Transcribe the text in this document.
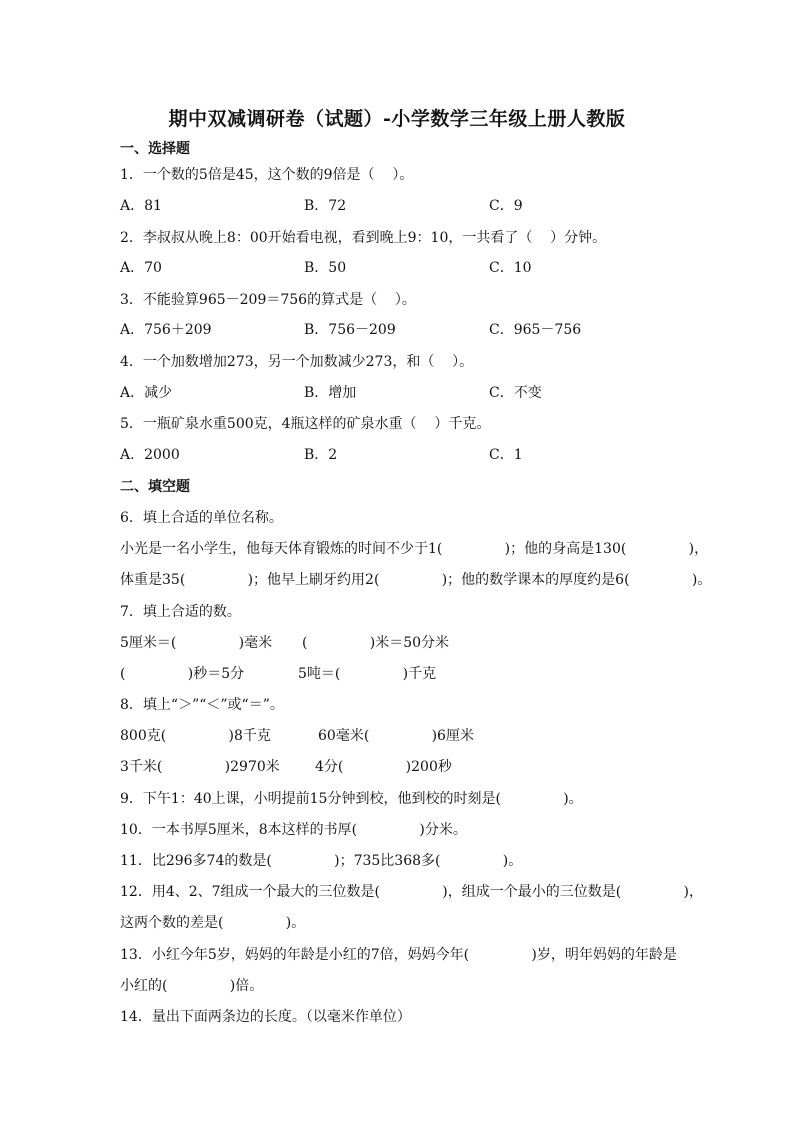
期中双减调研卷（试题）-小学数学三年级上册人教版
一、选择题
1．一个数的5倍是45，这个数的9倍是（    ）。
A．81	B．72	C．9
2．李叔叔从晚上8：00开始看电视，看到晚上9：10，一共看了（    ）分钟。
A．70	B．50	C．10
3．不能验算965－209＝756的算式是（    ）。
A．756＋209	B．756－209	C．965－756
4．一个加数增加273，另一个加数减少273，和（    ）。
A．减少	B．增加	C．不变
5．一瓶矿泉水重500克，4瓶这样的矿泉水重（    ）千克。
A．2000	B．2	C．1
二、填空题
6．填上合适的单位名称。
小光是一名小学生，他每天体育锻炼的时间不少于1(              )；他的身高是130(              )，
体重是35(              )；他早上刷牙约用2(              )；他的数学课本的厚度约是6(              )。
7．填上合适的数。
5厘米＝(              )毫米 (              )米＝50分米
(              )秒＝5分	5吨＝(              )千克
8．填上“＞”“＜”或“＝”。
800克(              )8千克	60毫米(              )6厘米
3千米(              )2970米	4分(              )200秒
9．下午1：40上课，小明提前15分钟到校，他到校的时刻是(              )。
10．一本书厚5厘米，8本这样的书厚(              )分米。
11．比296多74的数是(              )；735比368多(              )。
12．用4、2、7组成一个最大的三位数是(              )，组成一个最小的三位数是(              )，
这两个数的差是(              )。
13．小红今年5岁，妈妈的年龄是小红的7倍，妈妈今年(              )岁，明年妈妈的年龄是
小红的(              )倍。
14．量出下面两条边的长度。（以毫米作单位）
